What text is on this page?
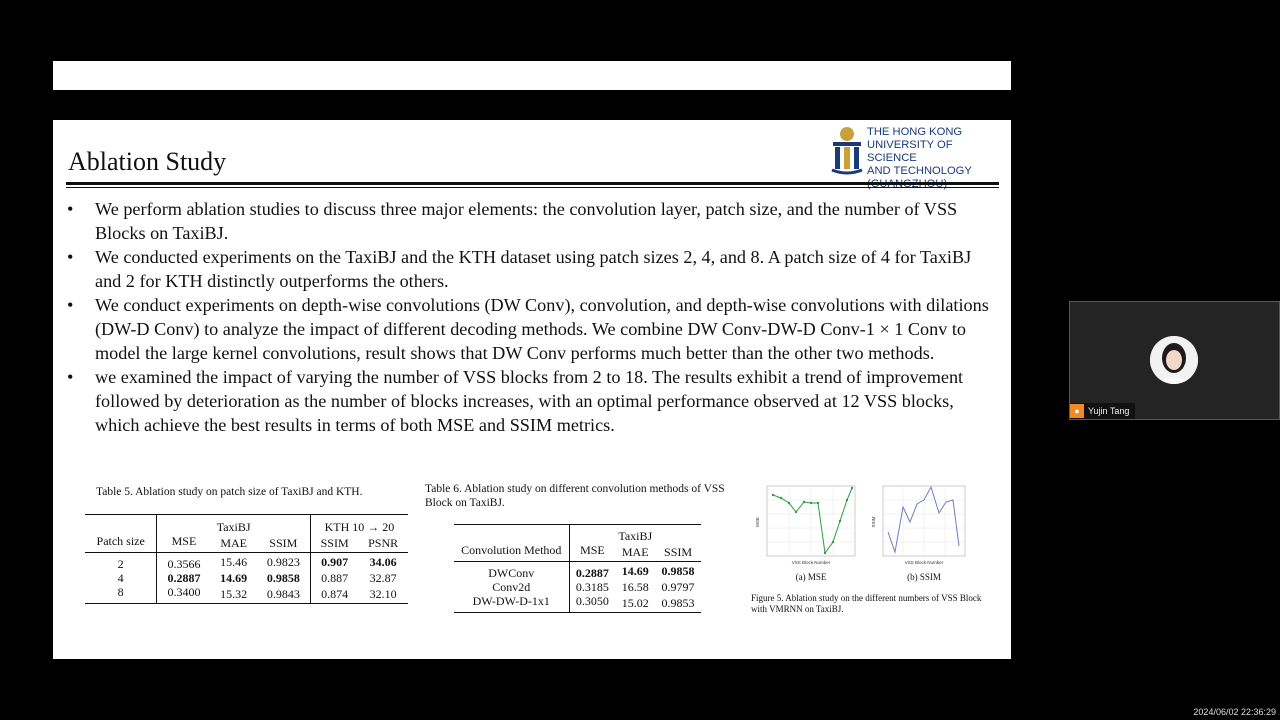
Ablation Study
THE HONG KONG
UNIVERSITY OF SCIENCE
AND TECHNOLOGY
• We perform ablation studies to discuss three major elements: the convolution layer, patch size, and the number of VSS Blocks on TaxiBJ.
• We conducted experiments on the TaxiBJ and the KTH dataset using patch sizes 2, 4, and 8. A patch size of 4 for TaxiBJ and 2 for KTH distinctly outperforms the others.
• We conduct experiments on depth-wise convolutions (DW Conv), convolution, and depth-wise convolutions with dilations (DW-D Conv) to analyze the impact of different decoding methods. We combine DW Conv-DW-D Conv-1 × 1 Conv to model the large kernel convolutions, result shows that DW Conv performs much better than the other two methods.
• we examined the impact of varying the number of VSS blocks from 2 to 18. The results exhibit a trend of improvement followed by deterioration as the number of blocks increases, with an optimal performance observed at 12 VSS blocks, which achieve the best results in terms of both MSE and SSIM metrics.
Table 5. Ablation study on patch size of TaxiBJ and KTH.
	TaxiBJ			KTH 10 → 20	
Patch size	MSE	MAE	SSIM	SSIM	PSNR
2	0.3566	15.46	0.9823	0.907	34.06
4	0.2887	14.69	0.9858	0.887	32.87
8	0.3400	15.32	0.9843	0.874	32.10
Table 6. Ablation study on different convolution methods of VSS Block on TaxiBJ.
	TaxiBJ		
Convolution Method	MSE	MAE	SSIM
DWConv	0.2887	14.69	0.9858
Conv2d	0.3185	16.58	0.9797
DW-DW-D-1x1	0.3050	15.02	0.9853
VSS Block Number
MSE
(a) MSE
VSS Block Number
SSIM
(b) SSIM
Figure 5. Ablation study on the different numbers of VSS Block with VMRNN on TaxiBJ.
● Yujin Tang
2024/06/02 22:36:29
